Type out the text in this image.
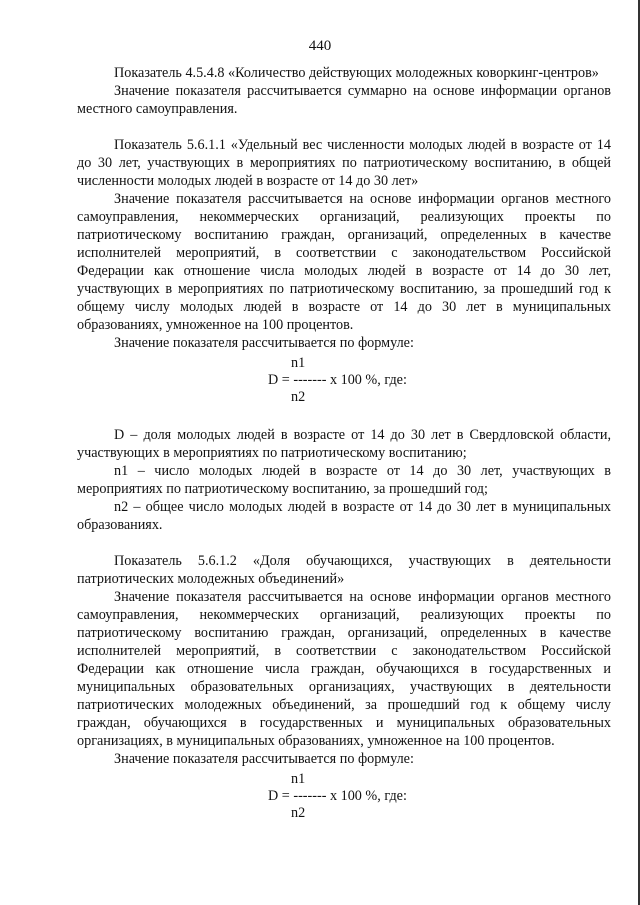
440

Показатель 4.5.4.8 «Количество действующих молодежных коворкинг-центров»

Значение показателя рассчитывается суммарно на основе информации органов местного самоуправления.

Показатель 5.6.1.1 «Удельный вес численности молодых людей в возрасте от 14 до 30 лет, участвующих в мероприятиях по патриотическому воспитанию, в общей численности молодых людей в возрасте от 14 до 30 лет»

Значение показателя рассчитывается на основе информации органов местного самоуправления, некоммерческих организаций, реализующих проекты по патриотическому воспитанию граждан, организаций, определенных в качестве исполнителей мероприятий, в соответствии с законодательством Российской Федерации как отношение числа молодых людей в возрасте от 14 до 30 лет, участвующих в мероприятиях по патриотическому воспитанию, за прошедший год к общему числу молодых людей в возрасте от 14 до 30 лет в муниципальных образованиях, умноженное на 100 процентов.

Значение показателя рассчитывается по формуле:

n1
D = ------- x 100 %, где:
n2

D – доля молодых людей в возрасте от 14 до 30 лет в Свердловской области, участвующих в мероприятиях по патриотическому воспитанию;

n1 – число молодых людей в возрасте от 14 до 30 лет, участвующих в мероприятиях по патриотическому воспитанию, за прошедший год;

n2 – общее число молодых людей в возрасте от 14 до 30 лет в муниципальных образованиях.

Показатель 5.6.1.2 «Доля обучающихся, участвующих в деятельности патриотических молодежных объединений»

Значение показателя рассчитывается на основе информации органов местного самоуправления, некоммерческих организаций, реализующих проекты по патриотическому воспитанию граждан, организаций, определенных в качестве исполнителей мероприятий, в соответствии с законодательством Российской Федерации как отношение числа граждан, обучающихся в государственных и муниципальных образовательных организациях, участвующих в деятельности патриотических молодежных объединений, за прошедший год к общему числу граждан, обучающихся в государственных и муниципальных образовательных организациях, в муниципальных образованиях, умноженное на 100 процентов.

Значение показателя рассчитывается по формуле:

n1
D = ------- x 100 %, где:
n2
